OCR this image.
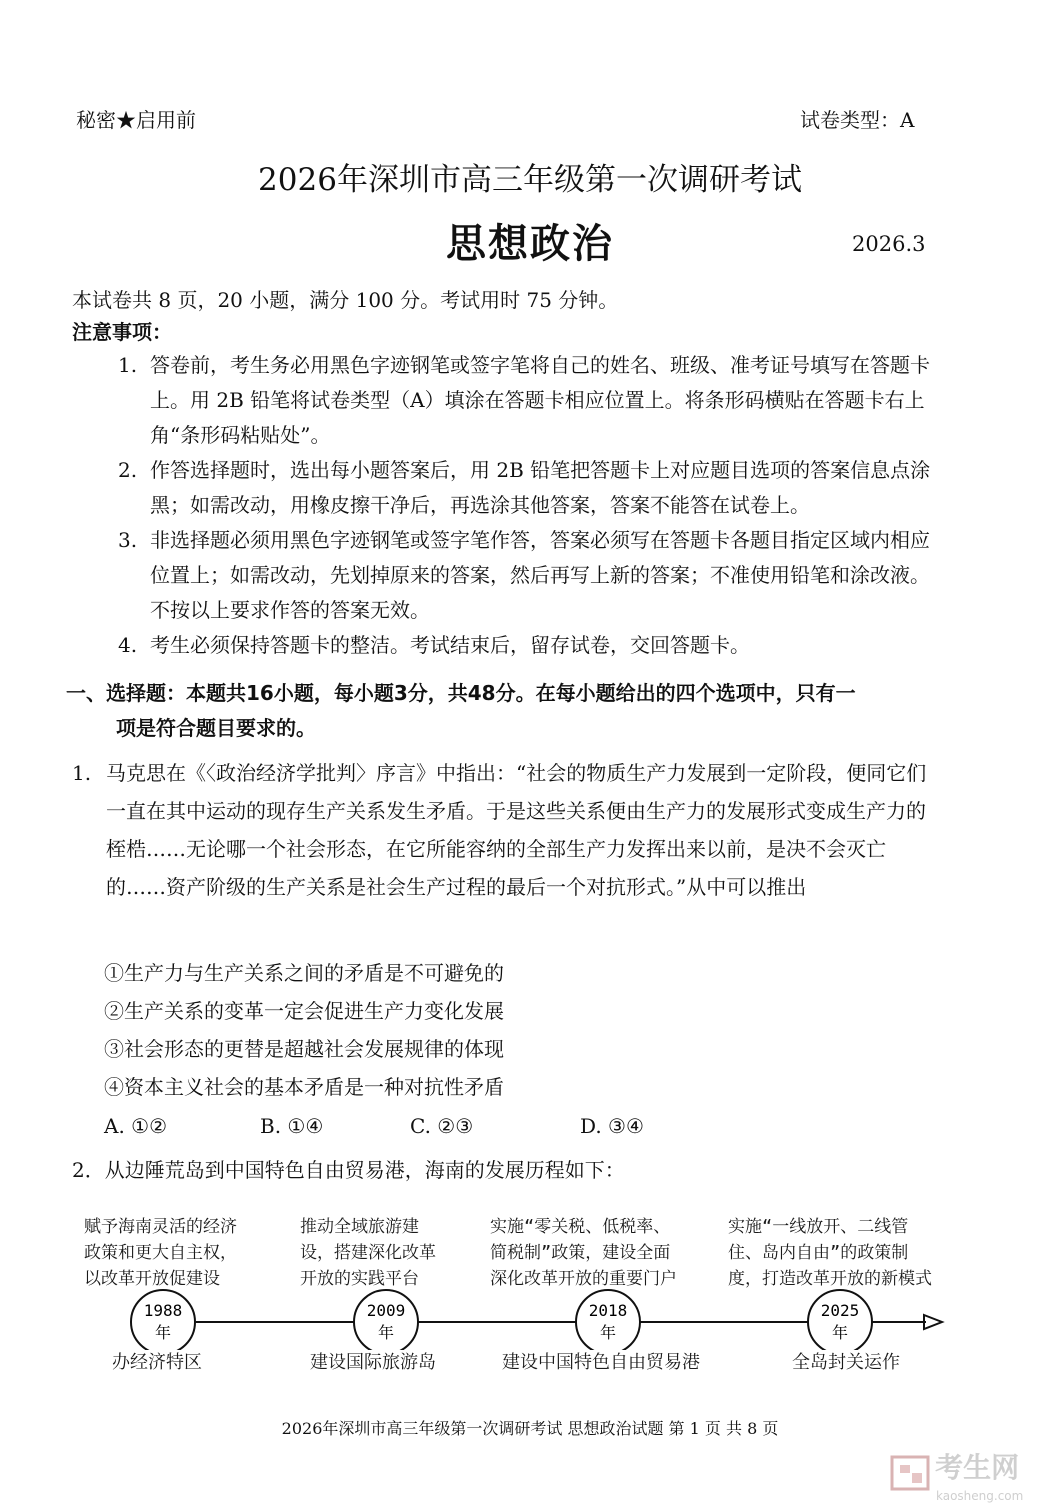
秘密★启用前	试卷类型：A
2026年深圳市高三年级第一次调研考试
思想政治	2026.3
本试卷共 8 页，20 小题，满分 100 分。考试用时 75 分钟。
注意事项：
1. 答卷前，考生务必用黑色字迹钢笔或签字笔将自己的姓名、班级、准考证号填写在答题卡上。用 2B 铅笔将试卷类型（A）填涂在答题卡相应位置上。将条形码横贴在答题卡右上角“条形码粘贴处”。
2. 作答选择题时，选出每小题答案后，用 2B 铅笔把答题卡上对应题目选项的答案信息点涂黑；如需改动，用橡皮擦干净后，再选涂其他答案，答案不能答在试卷上。
3. 非选择题必须用黑色字迹钢笔或签字笔作答，答案必须写在答题卡各题目指定区域内相应位置上；如需改动，先划掉原来的答案，然后再写上新的答案；不准使用铅笔和涂改液。不按以上要求作答的答案无效。
4. 考生必须保持答题卡的整洁。考试结束后，留存试卷，交回答题卡。
一、选择题：本题共16小题，每小题3分，共48分。在每小题给出的四个选项中，只有一
项是符合题目要求的。
1. 马克思在《〈政治经济学批判〉序言》中指出：“社会的物质生产力发展到一定阶段，便同它们一直在其中运动的现存生产关系发生矛盾。于是这些关系便由生产力的发展形式变成生产力的桎梏……无论哪一个社会形态，在它所能容纳的全部生产力发挥出来以前，是决不会灭亡的……资产阶级的生产关系是社会生产过程的最后一个对抗形式。”从中可以推出
①生产力与生产关系之间的矛盾是不可避免的
②生产关系的变革一定会促进生产力变化发展
③社会形态的更替是超越社会发展规律的体现
④资本主义社会的基本矛盾是一种对抗性矛盾
A. ①②	B. ①④	C. ②③	D. ③④
2．从边陲荒岛到中国特色自由贸易港，海南的发展历程如下：
赋予海南灵活的经济
政策和更大自主权，
以改革开放促建设
推动全域旅游建
设，搭建深化改革
开放的实践平台
实施“零关税、低税率、
简税制”政策，建设全面
深化改革开放的重要门户
实施“一线放开、二线管
住、岛内自由”的政策制
度，打造改革开放的新模式
1988
年
2009
年
2018
年
2025
年
办经济特区	建设国际旅游岛	建设中国特色自由贸易港	全岛封关运作
2026年深圳市高三年级第一次调研考试 思想政治试题 第 1 页 共 8 页
考生网
kaosheng.com
